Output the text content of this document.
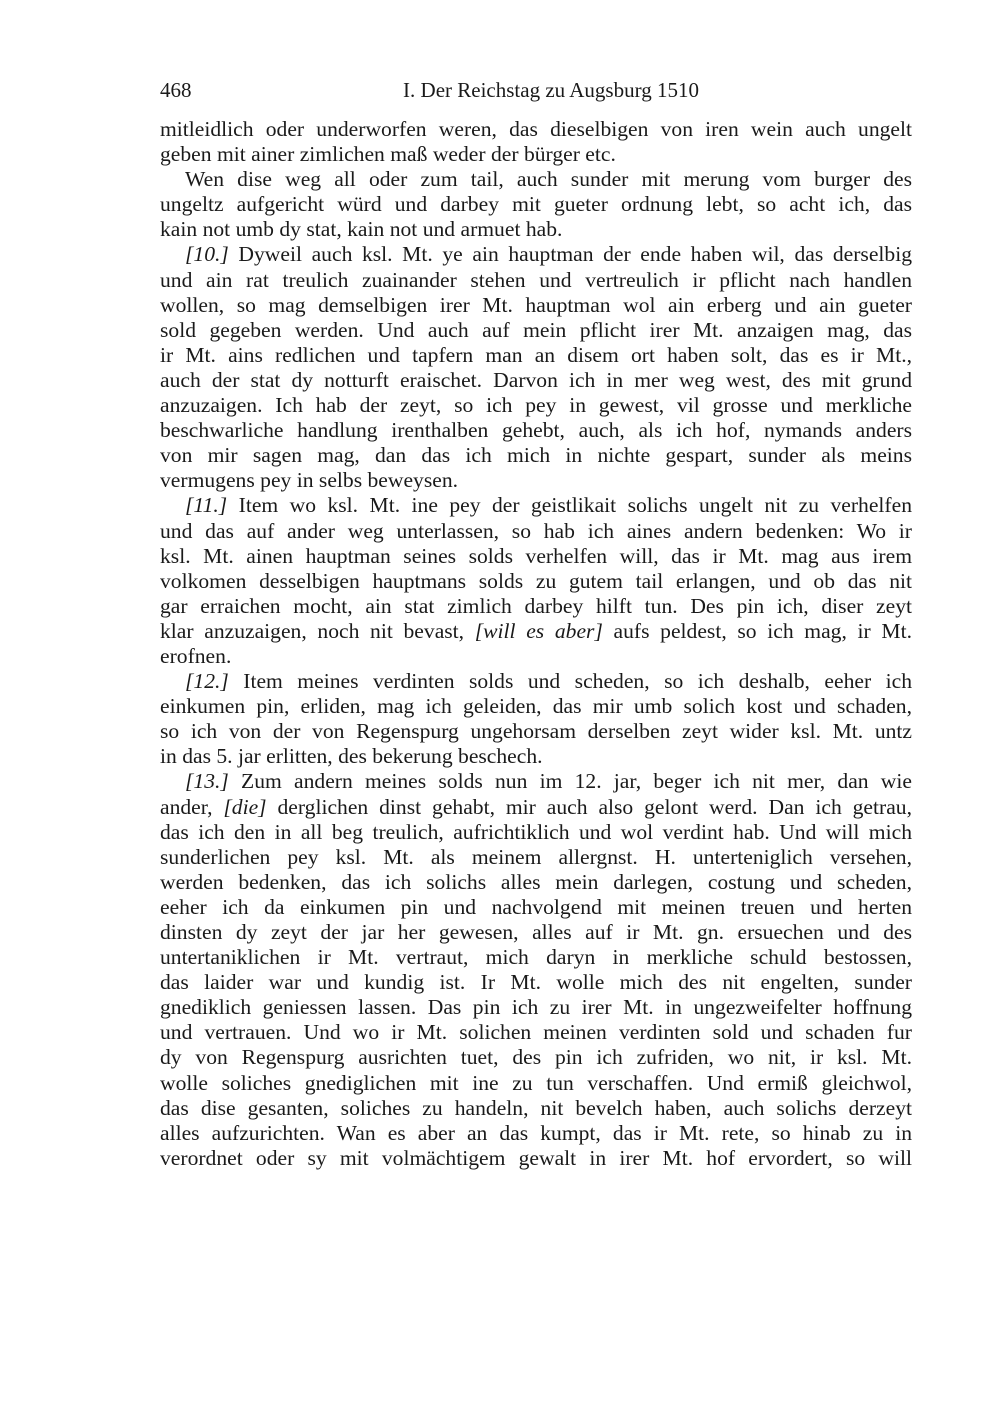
468	I. Der Reichstag zu Augsburg 1510
mitleidlich oder underworfen weren, das dieselbigen von iren wein auch ungelt
geben mit ainer zimlichen maß weder der bürger etc.
Wen dise weg all oder zum tail, auch sunder mit merung vom burger des
ungeltz aufgericht würd und darbey mit gueter ordnung lebt, so acht ich, das
kain not umb dy stat, kain not und armuet hab.
[10.] Dyweil auch ksl. Mt. ye ain hauptman der ende haben wil, das derselbig
und ain rat treulich zuainander stehen und vertreulich ir pflicht nach handlen
wollen, so mag demselbigen irer Mt. hauptman wol ain erberg und ain gueter
sold gegeben werden. Und auch auf mein pflicht irer Mt. anzaigen mag, das
ir Mt. ains redlichen und tapfern man an disem ort haben solt, das es ir Mt.,
auch der stat dy notturft eraischet. Darvon ich in mer weg west, des mit grund
anzuzaigen. Ich hab der zeyt, so ich pey in gewest, vil grosse und merkliche
beschwarliche handlung irenthalben gehebt, auch, als ich hof, nymands anders
von mir sagen mag, dan das ich mich in nichte gespart, sunder als meins
vermugens pey in selbs beweysen.
[11.] Item wo ksl. Mt. ine pey der geistlikait solichs ungelt nit zu verhelfen
und das auf ander weg unterlassen, so hab ich aines andern bedenken: Wo ir
ksl. Mt. ainen hauptman seines solds verhelfen will, das ir Mt. mag aus irem
volkomen desselbigen hauptmans solds zu gutem tail erlangen, und ob das nit
gar erraichen mocht, ain stat zimlich darbey hilft tun. Des pin ich, diser zeyt
klar anzuzaigen, noch nit bevast, [will es aber] aufs peldest, so ich mag, ir Mt.
erofnen.
[12.] Item meines verdinten solds und scheden, so ich deshalb, eeher ich
einkumen pin, erliden, mag ich geleiden, das mir umb solich kost und schaden,
so ich von der von Regenspurg ungehorsam derselben zeyt wider ksl. Mt. untz
in das 5. jar erlitten, des bekerung beschech.
[13.] Zum andern meines solds nun im 12. jar, beger ich nit mer, dan wie
ander, [die] derglichen dinst gehabt, mir auch also gelont werd. Dan ich getrau,
das ich den in all beg treulich, aufrichtiklich und wol verdint hab. Und will mich
sunderlichen pey ksl. Mt. als meinem allergnst. H. unterteniglich versehen,
werden bedenken, das ich solichs alles mein darlegen, costung und scheden,
eeher ich da einkumen pin und nachvolgend mit meinen treuen und herten
dinsten dy zeyt der jar her gewesen, alles auf ir Mt. gn. ersuechen und des
untertaniklichen ir Mt. vertraut, mich daryn in merkliche schuld bestossen,
das laider war und kundig ist. Ir Mt. wolle mich des nit engelten, sunder
gnediklich geniessen lassen. Das pin ich zu irer Mt. in ungezweifelter hoffnung
und vertrauen. Und wo ir Mt. solichen meinen verdinten sold und schaden fur
dy von Regenspurg ausrichten tuet, des pin ich zufriden, wo nit, ir ksl. Mt.
wolle soliches gnediglichen mit ine zu tun verschaffen. Und ermiß gleichwol,
das dise gesanten, soliches zu handeln, nit bevelch haben, auch solichs derzeyt
alles aufzurichten. Wan es aber an das kumpt, das ir Mt. rete, so hinab zu in
verordnet oder sy mit volmächtigem gewalt in irer Mt. hof ervordert, so will
